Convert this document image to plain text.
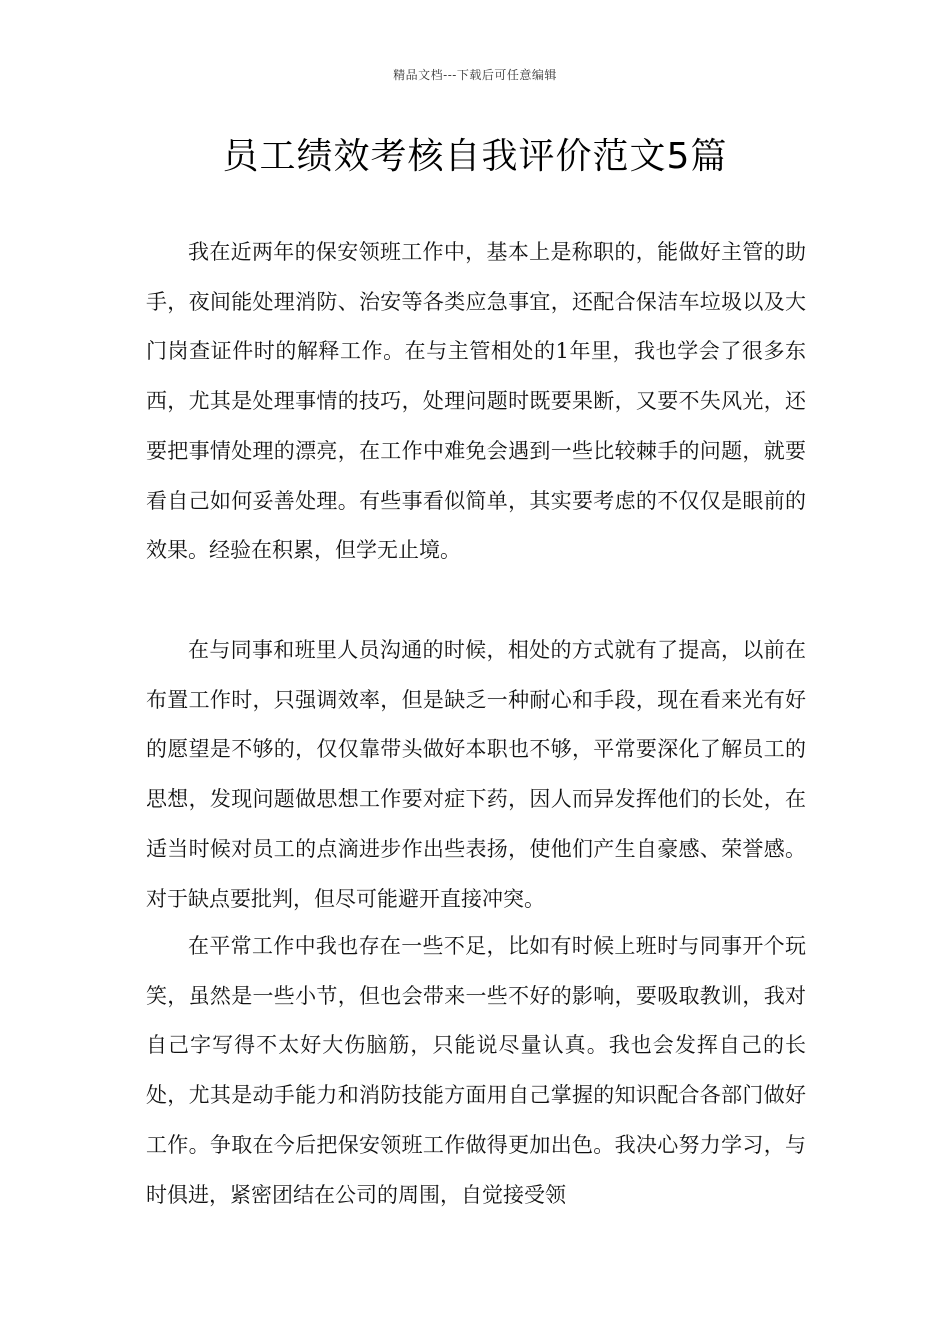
精品文档---下载后可任意编辑
员工绩效考核自我评价范文5篇

我在近两年的保安领班工作中，基本上是称职的，能做好主管的助手，夜间能处理消防、治安等各类应急事宜，还配合保洁车垃圾以及大门岗查证件时的解释工作。在与主管相处的1年里，我也学会了很多东西，尤其是处理事情的技巧，处理问题时既要果断，又要不失风光，还要把事情处理的漂亮，在工作中难免会遇到一些比较棘手的问题，就要看自己如何妥善处理。有些事看似简单，其实要考虑的不仅仅是眼前的效果。经验在积累，但学无止境。

在与同事和班里人员沟通的时候，相处的方式就有了提高，以前在布置工作时，只强调效率，但是缺乏一种耐心和手段，现在看来光有好的愿望是不够的，仅仅靠带头做好本职也不够，平常要深化了解员工的思想，发现问题做思想工作要对症下药，因人而异发挥他们的长处，在适当时候对员工的点滴进步作出些表扬，使他们产生自豪感、荣誉感。对于缺点要批判，但尽可能避开直接冲突。

在平常工作中我也存在一些不足，比如有时候上班时与同事开个玩笑，虽然是一些小节，但也会带来一些不好的影响，要吸取教训，我对自己字写得不太好大伤脑筋，只能说尽量认真。我也会发挥自己的长处，尤其是动手能力和消防技能方面用自己掌握的知识配合各部门做好工作。争取在今后把保安领班工作做得更加出色。我决心努力学习，与时俱进，紧密团结在公司的周围，自觉接受领
